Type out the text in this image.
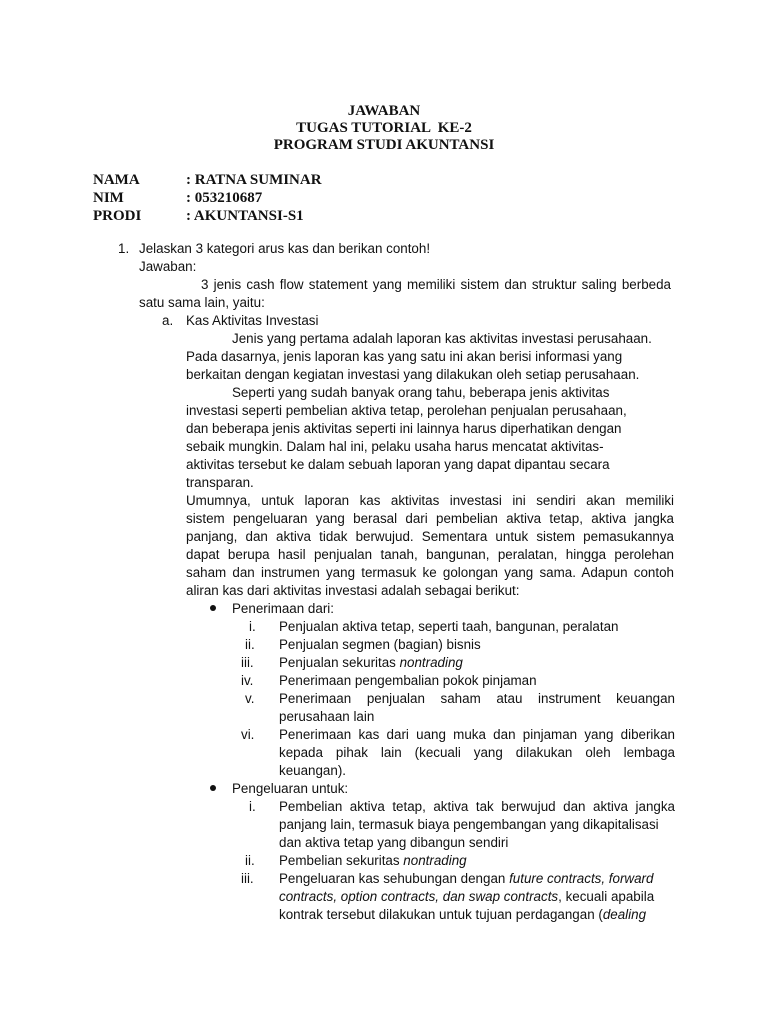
JAWABAN
TUGAS TUTORIAL  KE-2
PROGRAM STUDI AKUNTANSI
NAMA	: RATNA SUMINAR
NIM	: 053210687
PRODI	: AKUNTANSI-S1
1. Jelaskan 3 kategori arus kas dan berikan contoh!
Jawaban:
3 jenis cash flow statement yang memiliki sistem dan struktur saling berbeda
satu sama lain, yaitu:
a. Kas Aktivitas Investasi
Jenis yang pertama adalah laporan kas aktivitas investasi perusahaan.
Pada dasarnya, jenis laporan kas yang satu ini akan berisi informasi yang
berkaitan dengan kegiatan investasi yang dilakukan oleh setiap perusahaan.
Seperti yang sudah banyak orang tahu, beberapa jenis aktivitas
investasi seperti pembelian aktiva tetap, perolehan penjualan perusahaan,
dan beberapa jenis aktivitas seperti ini lainnya harus diperhatikan dengan
sebaik mungkin. Dalam hal ini, pelaku usaha harus mencatat aktivitas-
aktivitas tersebut ke dalam sebuah laporan yang dapat dipantau secara
transparan.
Umumnya, untuk laporan kas aktivitas investasi ini sendiri akan memiliki
sistem pengeluaran yang berasal dari pembelian aktiva tetap, aktiva jangka
panjang, dan aktiva tidak berwujud. Sementara untuk sistem pemasukannya
dapat berupa hasil penjualan tanah, bangunan, peralatan, hingga perolehan
saham dan instrumen yang termasuk ke golongan yang sama. Adapun contoh
aliran kas dari aktivitas investasi adalah sebagai berikut:
Penerimaan dari:
i. Penjualan aktiva tetap, seperti taah, bangunan, peralatan
ii. Penjualan segmen (bagian) bisnis
iii. Penjualan sekuritas nontrading
iv. Penerimaan pengembalian pokok pinjaman
v. Penerimaan penjualan saham atau instrument keuangan
perusahaan lain
vi. Penerimaan kas dari uang muka dan pinjaman yang diberikan
kepada pihak lain (kecuali yang dilakukan oleh lembaga
keuangan).
Pengeluaran untuk:
i. Pembelian aktiva tetap, aktiva tak berwujud dan aktiva jangka
panjang lain, termasuk biaya pengembangan yang dikapitalisasi
dan aktiva tetap yang dibangun sendiri
ii. Pembelian sekuritas nontrading
iii. Pengeluaran kas sehubungan dengan future contracts, forward
contracts, option contracts, dan swap contracts, kecuali apabila
kontrak tersebut dilakukan untuk tujuan perdagangan (dealing
